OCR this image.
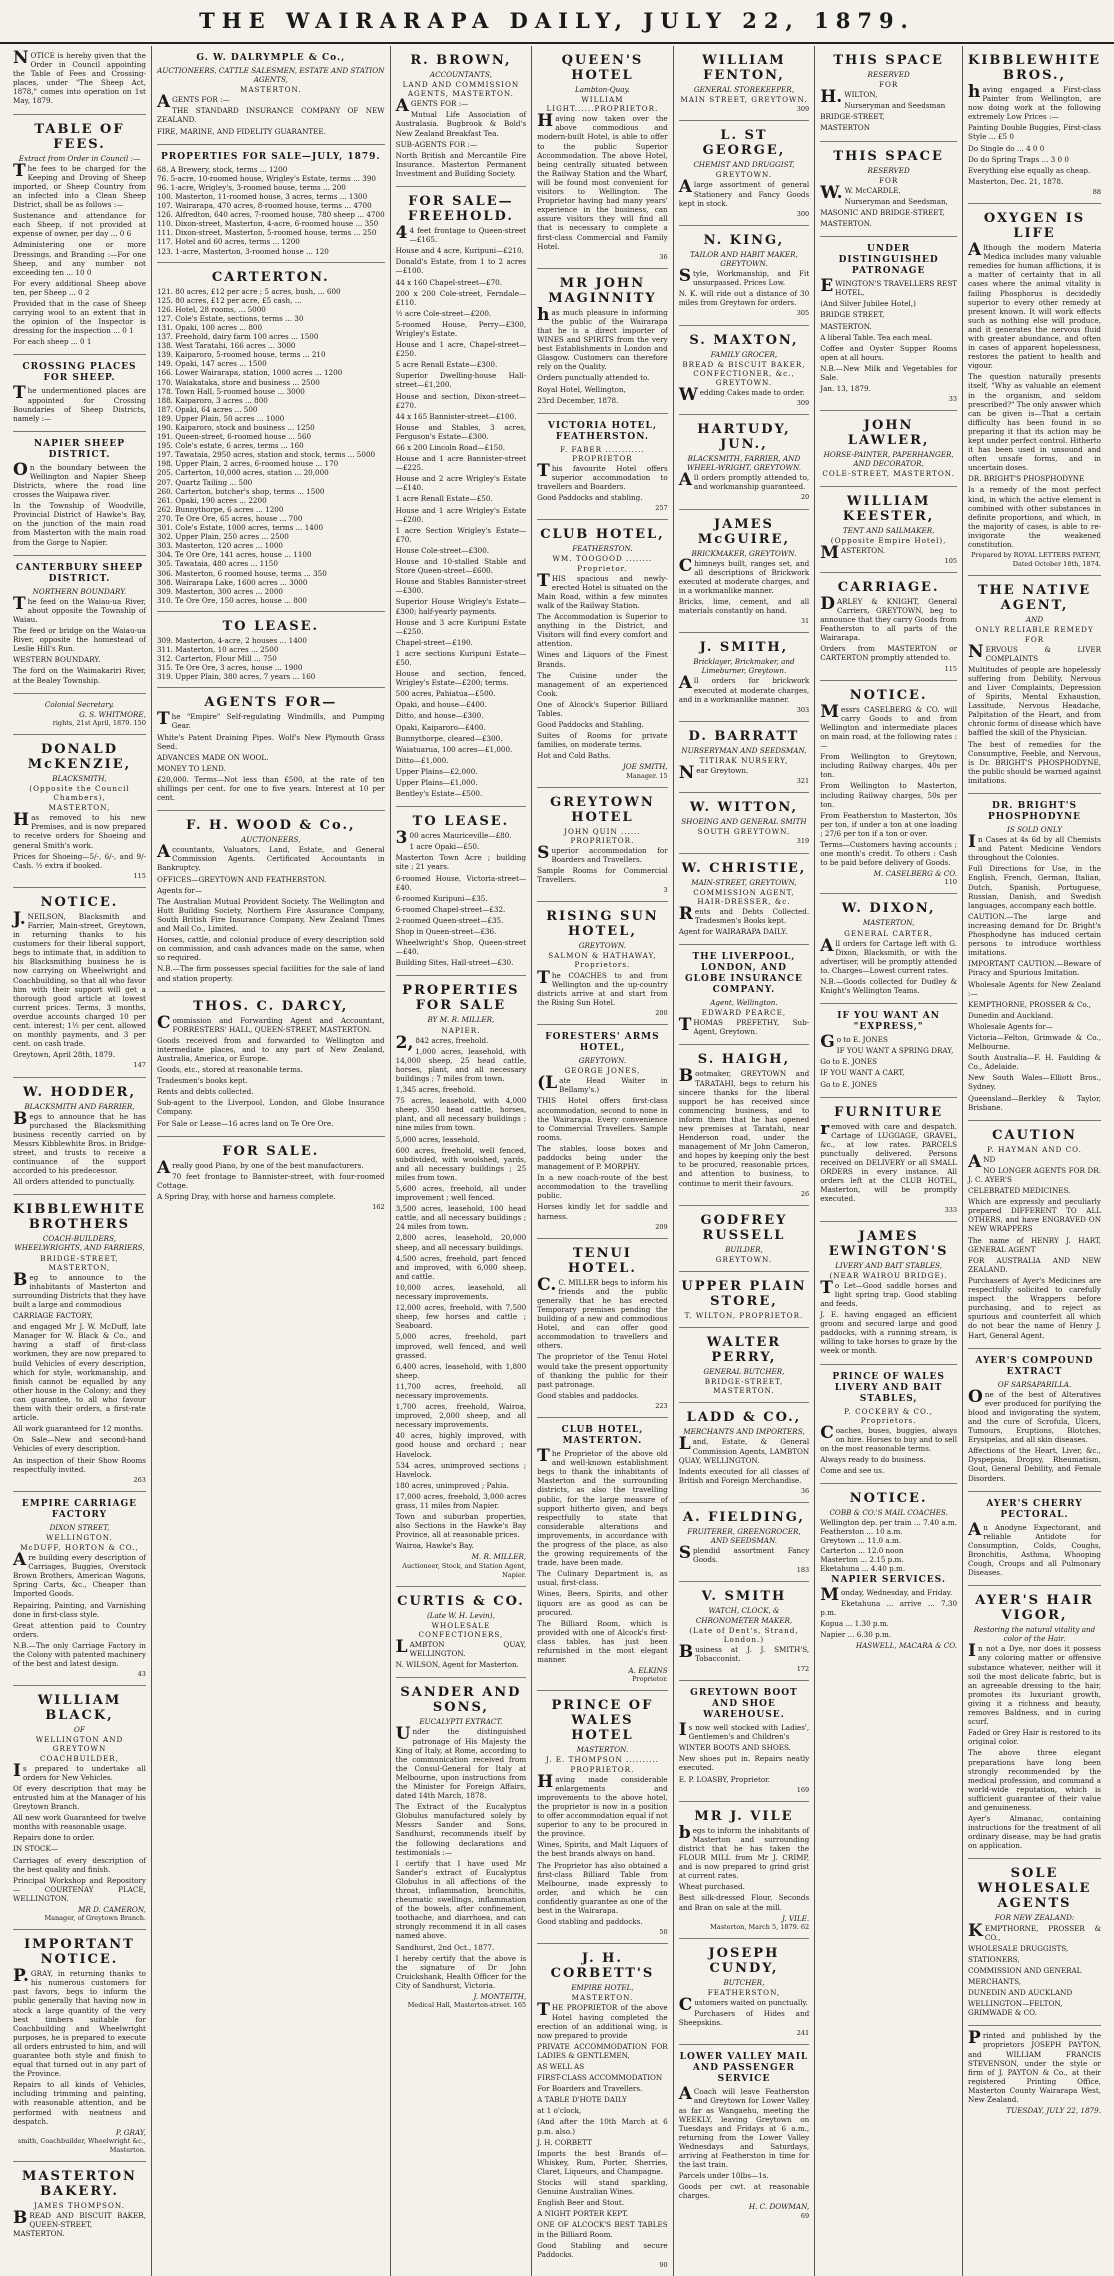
THE WAIRARAPA DAILY, JULY 22, 1879.

NOTICE is hereby given that the Order in Council appointing the Table of Fees and Crossing-places, under "The Sheep Act, 1878," comes into operation on 1st May, 1879.

TABLE OF FEES.
Extract from Order in Council :—

The fees to be charged for the Keeping and Droving of Sheep imported, or Sheep Country from an infected into a Clean Sheep District, shall be as follows :—

Sustenance and attendance for each Sheep, if not provided at expense of owner, per day ... 0 6

Administering one or more Dressings, and Branding :—For one Sheep, and any number not exceeding ten ... 10 0

For every additional Sheep above ten, per Sheep ... 0 2

Provided that in the case of Sheep carrying wool to an extent that in the opinion of the Inspector is dressing for the inspection ... 0 1

For each sheep ... 0 1

CROSSING PLACES FOR SHEEP.

The undermentioned places are appointed for Crossing Boundaries of Sheep Districts, namely :—

NAPIER SHEEP DISTRICT.

On the boundary between the Wellington and Napier Sheep Districts, where the road line crosses the Waipawa river.

In the Township of Woodville, Provincial District of Hawke's Bay, on the junction of the main road from Masterton with the main road from the Gorge to Napier.

CANTERBURY SHEEP DISTRICT.
NORTHERN BOUNDARY.

The feed on the Waiau-ua River, about opposite the Township of Waiau.

The feed or bridge on the Waiau-ua River, opposite the homestead of Leslie Hill's Run.

WESTERN BOUNDARY.

The ford on the Waimakariri River, at the Bealey Township.

Colonial Secretary.
G. S. WHITMORE,
rights, 21st April, 1879. 150
DONALD McKENZIE,
BLACKSMITH,
(Opposite the Council Chambers),
MASTERTON,

Has removed to his new Premises, and is now prepared to receive orders for Shoeing and general Smith's work.

Prices for Shoeing—5/-, 6/-, and 9/- Cash. ½ extra if booked.

115
NOTICE.

J.NEILSON, Blacksmith and Farrier, Main-street, Greytown, in returning thanks to his customers for their liberal support, begs to intimate that, in addition to his Blacksmithing business he is now carrying on Wheelwright and Coachbuilding, so that all who favor him with their support will get a thorough good article at lowest current prices. Terms, 3 months, overdue accounts charged 10 per cent. interest; 1½ per cent. allowed on monthly payments, and 3 per cent. on cash trade.

Greytown, April 28th, 1879.

147
W. HODDER,
BLACKSMITH AND FARRIER,

Begs to announce that he has purchased the Blacksmithing business recently carried on by Messrs Kibblewhite Bros. in Bridge-street, and trusts to receive a continuance of the support accorded to his predecessor.

All orders attended to punctually.

KIBBLEWHITE BROTHERS
COACH-BUILDERS, WHEELWRIGHTS, AND FARRIERS,
BRIDGE-STREET, MASTERTON,

Beg to announce to the inhabitants of Masterton and surrounding Districts that they have built a large and commodious

CARRIAGE FACTORY,

and engaged Mr J. W. McDuff, late Manager for W. Black & Co., and having a staff of first-class workmen, they are now prepared to build Vehicles of every description, which for style, workmanship, and finish cannot be equalled by any other house in the Colony; and they can guarantee, to all who favour them with their orders, a first-rate article.

All work guaranteed for 12 months.

On Sale—New and second-hand Vehicles of every description.

An inspection of their Show Rooms respectfully invited.

263
EMPIRE CARRIAGE FACTORY
DIXON STREET,
WELLINGTON.
McDUFF, HORTON & CO.,

Are building every description of Carriages, Buggies, Overstock Brown Brothers, American Wagons, Spring Carts, &c., Cheaper than Imported Goods.

Repairing, Painting, and Varnishing done in first-class style.

Great attention paid to Country orders.

N.B.—The only Carriage Factory in the Colony with patented machinery of the best and latest design.

43
WILLIAM BLACK,
OF
WELLINGTON AND GREYTOWN COACHBUILDER,

Is prepared to undertake all orders for New Vehicles.

Of every description that may be entrusted him at the Manager of his Greytown Branch.

All new work Guaranteed for twelve months with reasonable usage.

Repairs done to order.

IN STOCK—

Carriages of every description of the best quality and finish.

Principal Workshop and Repository— COURTENAY PLACE, WELLINGTON.

MR D. CAMERON,
Manager, of Greytown Branch.
IMPORTANT NOTICE.

P.GRAY, in returning thanks to his numerous customers for past favors, begs to inform the public generally that having now in stock a large quantity of the very best timbers suitable for Coachbuilding and Wheelwright purposes, he is prepared to execute all orders entrusted to him, and will guarantee both style and finish to equal that turned out in any part of the Province.

Repairs to all kinds of Vehicles, including trimming and painting, with reasonable attention, and be performed with neatness and despatch.

P. GRAY,
smith, Coachbuilder, Wheelwright &c., Masterton.
MASTERTON BAKERY.
JAMES THOMPSON.

BREAD AND BISCUIT BAKER, QUEEN-STREET, MASTERTON.

G. W. DALRYMPLE & Co.,
AUCTIONEERS, CATTLE SALESMEN, ESTATE AND STATION AGENTS,
MASTERTON.

AGENTS FOR :—

THE STANDARD INSURANCE COMPANY OF NEW ZEALAND.

FIRE, MARINE, AND FIDELITY GUARANTEE.

PROPERTIES FOR SALE—JULY, 1879.
68. A Brewery, stock, terms ... 1200
76. 5-acre, 10-roomed house, Wrigley's Estate, terms ... 390
96. 1-acre, Wrigley's, 3-roomed house, terms ... 200
100. Masterton, 11-roomed house, 3 acres, terms ... 1300
107. Wairarapa, 470 acres, 8-roomed house, terms ... 4700
126. Alfredton, 640 acres, 7-roomed house, 780 sheep ... 4700
110. Dixon-street, Masterton, 4-acre, 6-roomed house ... 350
111. Dixon-street, Masterton, 5-roomed house, terms ... 250
117. Hotel and 60 acres, terms ... 1200
123. 1-acre, Masterton, 3-roomed house ... 120
CARTERTON.
121. 80 acres, £12 per acre ; 5 acres, bush, ... 600
125. 80 acres, £12 per acre, £5 cash, ...
126. Hotel, 28 rooms, ... 5000
127. Cole's Estate, sections, terms ... 30
131. Opaki, 100 acres ... 800
137. Freehold, dairy farm 100 acres ... 1500
138. West Taratahi, 166 acres ... 3000
139. Kaiparoro, 5-roomed house, terms ... 210
149. Opaki, 147 acres ... 1500
166. Lower Wairarapa, station, 1000 acres ... 1200
170. Waiakataka, store and business ... 2500
178. Town Hall, 5-roomed house ... 3000
188. Kaiparoro, 3 acres ... 800
187. Opaki, 64 acres ... 500
189. Upper Plain, 50 acres ... 1000
190. Kaiparoro, stock and business ... 1250
191. Queen-street, 6-roomed house ... 560
195. Cole's estate, 6 acres, terms ... 160
197. Tawataia, 2950 acres, station and stock, terms ... 5000
198. Upper Plain, 2 acres, 6-roomed house ... 170
205. Carterton, 10,000 acres, station ... 20,000
207. Quartz Tailing ... 500
260. Carterton, butcher's shop, terms ... 1500
261. Opaki, 190 acres ... 2200
262. Bunnythorpe, 6 acres ... 1200
270. Te Ore Ore, 65 acres, house ... 700
301. Cole's Estate, 1000 acres, terms ... 1400
302. Upper Plain, 250 acres ... 2500
303. Masterton, 120 acres ... 1000
304. Te Ore Ore, 141 acres, house ... 1100
305. Tawataia, 480 acres ... 1150
306. Masterton, 6 roomed house, terms ... 350
308. Wairarapa Lake, 1600 acres ... 3000
309. Masterton, 300 acres ... 2000
310. Te Ore Ore, 150 acres, house ... 800
TO LEASE.
309. Masterton, 4-acre, 2 houses ... 1400
311. Masterton, 10 acres ... 2500
312. Carterton, Flour Mill ... 750
315. Te Ore Ore, 3 acres, house ... 1900
319. Upper Plain, 380 acres, 7 years ... 160
AGENTS FOR—

The "Empire" Self-regulating Windmills, and Pumping Gear.

White's Patent Draining Pipes. Wolf's New Plymouth Grass Seed.

ADVANCES MADE ON WOOL.

MONEY TO LEND.

£20,000. Terms—Not less than £500, at the rate of ten shillings per cent. for one to five years. Interest at 10 per cent.

F. H. WOOD & Co.,
AUCTIONEERS,

Accountants, Valuators, Land, Estate, and General Commission Agents. Certificated Accountants in Bankruptcy.

OFFICES—GREYTOWN AND FEATHERSTON.

Agents for—

The Australian Mutual Provident Society. The Wellington and Hutt Building Society, Northern Fire Assurance Company, South British Fire Insurance Company, New Zealand Times and Mail Co., Limited.

Horses, cattle, and colonial produce of every description sold on commission, and cash advances made on the same, when so required.

N.B.—The firm possesses special facilities for the sale of land and station property.

THOS. C. DARCY,

Commission and Forwarding Agent and Accountant, FORRESTERS' HALL, QUEEN-STREET, MASTERTON.

Goods received from and forwarded to Wellington and intermediate places, and to any part of New Zealand, Australia, America, or Europe.

Goods, etc., stored at reasonable terms.

Tradesmen's books kept.

Rents and debts collected.

Sub-agent to the Liverpool, London, and Globe Insurance Company.

For Sale or Lease—16 acres land on Te Ore Ore.

FOR SALE.

Areally good Piano, by one of the best manufacturers.

70 feet frontage to Bannister-street, with four-roomed Cottage.

A Spring Dray, with horse and harness complete.

162
R. BROWN,
ACCOUNTANTS,
LAND AND COMMISSION AGENTS, MASTERTON.

AGENTS FOR :—

Mutual Life Association of Australasia. Bugbrook & Bold's New Zealand Breakfast Tea.

SUB-AGENTS FOR :—

North British and Mercantile Fire Insurance. Masterton Permanent Investment and Building Society.

FOR SALE—FREEHOLD.

44 feet frontage to Queen-street—£165.

House and 4 acre, Kuripuni—£210.

Donald's Estate, from 1 to 2 acres—£100.

44 x 160 Chapel-street—£70.

200 x 200 Cole-street, Ferndale—£110.

½ acre Cole-street—£200.

5-roomed House, Perry—£300, Wrigley's Estate.

House and 1 acre, Chapel-street—£250.

5 acre Renall Estate—£300.

Superior Dwelling-house Hall-street—£1,200.

House and section, Dixon-street—£270.

44 x 165 Bannister-street—£100.

House and Stables, 3 acres, Ferguson's Estate—£300.

66 x 200 Lincoln Road—£150.

House and 1 acre Bannister-street—£225.

House and 2 acre Wrigley's Estate—£140.

1 acre Renall Estate—£50.

House and 1 acre Wrigley's Estate—£200.

1 acre Section Wrigley's Estate—£70.

House Cole-street—£300.

House and 10-stalled Stable and Store Queen-street—£600.

House and Stables Bannister-street—£300.

Superior House Wrigley's Estate—£300; half-yearly payments.

House and 3 acre Kuripuni Estate—£250.

Chapel-street—£190.

1 acre sections Kuripuni Estate—£50.

House and section, fenced, Wrigley's Estate—£200; terms.

500 acres, Pahiatua—£500.

Opaki, and house—£400.

Ditto, and house—£300.

Opaki, Kaiparoro—£400.

Bunnythorpe, cleared—£300.

Waiatuarua, 100 acres—£1,000.

Ditto—£1,000.

Upper Plains—£2,000.

Upper Plains—£1,000.

Bentley's Estate—£500.

TO LEASE.

300 acres Mauriceville—£80.

1 acre Opaki—£50.

Masterton Town Acre ; building site ; 21 years.

6-roomed House, Victoria-street—£40.

6-roomed Kuripuni—£35.

6-roomed Chapel-street—£32.

2-roomed Queen-street—£35.

Shop in Queen-street—£36.

Wheelwright's Shop, Queen-street—£40.

Building Sites, Hall-street—£30.

PROPERTIES FOR SALE
BY M. R. MILLER,
NAPIER.

2,842 acres, freehold.

1,000 acres, leasehold, with 14,000 sheep, 25 head cattle, horses, plant, and all necessary buildings ; 7 miles from town.

1,345 acres, freehold.

75 acres, leasehold, with 4,000 sheep, 350 head cattle, horses, plant, and all necessary buildings ; nine miles from town.

5,000 acres, leasehold.

600 acres, freehold, well fenced, subdivided, with woolshed, yards, and all necessary buildings ; 25 miles from town.

5,600 acres, freehold, all under improvement ; well fenced.

3,500 acres, leasehold, 100 head cattle, and all necessary buildings ; 24 miles from town.

2,800 acres, leasehold, 20,000 sheep, and all necessary buildings.

4,500 acres, freehold, part fenced and improved, with 6,000 sheep, and cattle.

10,000 acres, leasehold, all necessary improvements.

12,000 acres, freehold, with 7,500 sheep, few horses and cattle ; Seaboard.

5,000 acres, freehold, part improved, well fenced, and well grassed.

6,400 acres, leasehold, with 1,800 sheep.

11,700 acres, freehold, all necessary improvements.

1,700 acres, freehold, Wairoa, improved, 2,000 sheep, and all necessary improvements.

40 acres, highly improved, with good house and orchard ; near Havelock.

534 acres, unimproved sections ; Havelock.

180 acres, unimproved ; Pahia.

17,000 acres, freehold, 3,000 acres grass, 11 miles from Napier.

Town and suburban properties, also Sections in the Hawke's Bay Province, all at reasonable prices.

Wairoa, Hawke's Bay.

M. R. MILLER,
Auctioneer, Stock, and Station Agent, Napier.
CURTIS & CO.
(Late W. H. Levin),
WHOLESALE CONFECTIONERS,

LAMBTON QUAY, WELLINGTON.

N. WILSON, Agent for Masterton.

SANDER AND SONS,
EUCALYPTI EXTRACT.

Under the distinguished patronage of His Majesty the King of Italy, at Rome, according to the communication received from the Consul-General for Italy at Melbourne, upon instructions from the Minister for Foreign Affairs, dated 14th March, 1878.

The Extract of the Eucalyptus Globulus manufactured solely by Messrs Sander and Sons, Sandhurst, recommends itself by the following declarations and testimonials :—

I certify that I have used Mr Sander's extract of Eucalyptus Globulus in all affections of the throat, inflammation, bronchitis, rheumatic swellings, inflammation of the bowels, after confinement, toothache, and diarrhoea, and can strongly recommend it in all cases named above.

Sandhurst, 2nd Oct., 1877.

I hereby certify that the above is the signature of Dr John Cruickshank, Health Officer for the City of Sandhurst, Victoria.

J. MONTEITH,
Medical Hall, Masterton-street. 165
QUEEN'S HOTEL
Lambton-Quay.
WILLIAM LIGHT......PROPRIETOR.

Having now taken over the above commodious and modern-built Hotel, is able to offer to the public Superior Accommodation. The above Hotel, being centrally situated between the Railway Station and the Wharf, will be found most convenient for visitors to Wellington. The Proprietor having had many years' experience in the business, can assure visitors they will find all that is necessary to complete a first-class Commercial and Family Hotel.

36
MR JOHN MAGINNITY

has much pleasure in informing the public of the Wairarapa that he is a direct importer of WINES and SPIRITS from the very best Establishments in London and Glasgow. Customers can therefore rely on the Quality.

Orders punctually attended to.

Royal Hotel, Wellington,

23rd December, 1878.

VICTORIA HOTEL, FEATHERSTON.
F. FABER ............ PROPRIETOR

This favourite Hotel offers superior accommodation to travellers and Boarders.

Good Paddocks and stabling.

257
CLUB HOTEL,
FEATHERSTON.
WM. TOOGOOD ........ Proprietor.

THIS spacious and newly-erected Hotel is situated on the Main Road, within a few minutes walk of the Railway Station.

The Accommodation is Superior to anything in the District, and Visitors will find every comfort and attention.

Wines and Liquors of the Finest Brands.

The Cuisine under the management of an experienced Cook.

One of Alcock's Superior Billiard Tables.

Good Paddocks and Stabling.

Suites of Rooms for private families, on moderate terms.

Hot and Cold Baths.

JOE SMITH,
Manager. 15
GREYTOWN HOTEL
JOHN QUIN ...... PROPRIETOR.

Superior accommodation for Boarders and Travellers.

Sample Rooms for Commercial Travellers.

3
RISING SUN HOTEL,
GREYTOWN.
SALMON & HATHAWAY, Proprietors.

The COACHES to and from Wellington and the up-country districts arrive at and start from the Rising Sun Hotel.

200
FORESTERS' ARMS HOTEL,
GREYTOWN.
GEORGE JONES,

(Late Head Waiter in Bellamy's.)

THIS Hotel offers first-class accommodation, second to none in the Wairarapa. Every convenience to Commercial Travellers. Sample rooms.

The stables, loose boxes and paddocks being under the management of P. MORPHY.

In a new coach-route of the best accommodation to the travelling public.

Horses kindly let for saddle and harness.

209
TENUI HOTEL.

C.C. MILLER begs to inform his friends and the public generally that he has erected Temporary premises pending the building of a new and commodious Hotel, and can offer good accommodation to travellers and others.

The proprietor of the Tenui Hotel would take the present opportunity of thanking the public for their past patronage.

Good stables and paddocks.

223
CLUB HOTEL, MASTERTON.

The Proprietor of the above old and well-known establishment begs to thank the inhabitants of Masterton and the surrounding districts, as also the travelling public, for the large measure of support hitherto given, and begs respectfully to state that considerable alterations and improvements, in accordance with the progress of the place, as also the growing requirements of the trade, have been made.

The Culinary Department is, as usual, first-class.

Wines, Beers, Spirits, and other liquors are as good as can be procured.

The Billiard Room, which is provided with one of Alcock's first-class tables, has just been refurnished in the most elegant manner.

A. ELKINS
Proprietor.
PRINCE OF WALES HOTEL
MASTERTON.
J. E. THOMPSON .......... PROPRIETOR.

Having made considerable enlargements and improvements to the above hotel, the proprietor is now in a position to offer accommodation equal if not superior to any to be procured in the province.

Wines, Spirits, and Malt Liquors of the best brands always on hand.

The Proprietor has also obtained a first-class Billiard Table from Melbourne, made expressly to order, and which he can confidently guarantee as one of the best in the Wairarapa.

Good stabling and paddocks.

50
J. H. CORBETT'S
EMPIRE HOTEL,
MASTERTON.

THE PROPRIETOR of the above Hotel having completed the erection of an additional wing, is now prepared to provide

PRIVATE ACCOMMODATION FOR LADIES & GENTLEMEN,

AS WELL AS

FIRST-CLASS ACCOMMODATION

For Boarders and Travellers.

A TABLE D'HOTE DAILY

at 1 o'clock,

(And after the 10th March at 6 p.m. also.)

J. H. CORBETT

Imports the best Brands of— Whiskey, Rum, Porter, Sherries, Claret, Liqueurs, and Champagne.

Stocks will stand sparkling, Genuine Australian Wines.

English Beer and Stout.

A NIGHT PORTER KEPT.

ONE OF ALCOCK'S BEST TABLES in the Billiard Room.

Good Stabling and secure Paddocks.

90
WILLIAM FENTON,
GENERAL STOREKEEPER,
MAIN STREET, GREYTOWN.
309
L. ST GEORGE,
CHEMIST AND DRUGGIST,
GREYTOWN.

Alarge assortment of general Stationery and Fancy Goods kept in stock.

300
N. KING,
TAILOR AND HABIT MAKER, GREYTOWN.

Style, Workmanship, and Fit unsurpassed. Prices Low.

N. K. will ride out a distance of 30 miles from Greytown for orders.

305
S. MAXTON,
FAMILY GROCER,
BREAD & BISCUIT BAKER, CONFECTIONER, &c., GREYTOWN.

Wedding Cakes made to order.

309
HARTUDY, JUN.,
BLACKSMITH, FARRIER, AND WHEEL-WRIGHT, GREYTOWN.

All orders promptly attended to, and workmanship guaranteed.

20
JAMES McGUIRE,
BRICKMAKER, GREYTOWN.

Chimneys built, ranges set, and all descriptions of Brickwork executed at moderate charges, and in a workmanlike manner.

Bricks, lime, cement, and all materials constantly on hand.

31
J. SMITH,
Bricklayer, Brickmaker, and Limeburner, Greytown.

All orders for brickwork executed at moderate charges, and in a workmanlike manner.

303
D. BARRATT
NURSERYMAN AND SEEDSMAN,
TITIRAK NURSERY,

Near Greytown.

321
W. WITTON,
SHOEING AND GENERAL SMITH
SOUTH GREYTOWN.
319
W. CHRISTIE,
MAIN-STREET, GREYTOWN,
COMMISSION AGENT, HAIR-DRESSER, &c.

Rents and Debts Collected. Tradesmen's Books kept.

Agent for WAIRARAPA DAILY.

THE LIVERPOOL, LONDON, AND GLOBE INSURANCE COMPANY.
Agent, Wellington.
EDWARD PEARCE,

THOMAS PREFETHY, Sub-Agent, Greytown.

S. HAIGH,

Bootmaker, GREYTOWN and TARATAHI, begs to return his sincere thanks for the liberal support he has received since commencing business, and to inform them that he has opened new premises at Taratahi, near Henderson road, under the management of Mr John Cameron, and hopes by keeping only the best to be procured, reasonable prices, and attention to business, to continue to merit their favours.

26
GODFREY RUSSELL
BUILDER,
GREYTOWN.
UPPER PLAIN STORE,
T. WILTON, PROPRIETOR.
WALTER PERRY,
GENERAL BUTCHER,
BRIDGE-STREET, MASTERTON.
LADD & CO.,
MERCHANTS AND IMPORTERS,

Land, Estate, & General Commission Agents, LAMBTON QUAY, WELLINGTON.

Indents executed for all classes of British and Foreign Merchandise.

36
A. FIELDING,
FRUITERER, GREENGROCER, AND SEEDSMAN.

Splendid assortment Fancy Goods.

183
V. SMITH
WATCH, CLOCK, & CHRONOMETER MAKER,
(Late of Dent's, Strand, London.)

Business at J. J. SMITH'S, Tobacconist.

172
GREYTOWN BOOT AND SHOE WAREHOUSE.

Is now well stocked with Ladies', Gentlemen's and Children's

WINTER BOOTS AND SHOES.

New shoes put in. Repairs neatly executed.

E. P. LOASBY, Proprietor.

169
MR J. VILE

begs to inform the inhabitants of Masterton and surrounding district that he has taken the FLOUR MILL from Mr J. CRIMP, and is now prepared to grind grist at current rates.

Wheat purchased.

Best silk-dressed Flour, Seconds and Bran on sale at the mill.

J. VILE.
Masterton, March 5, 1879. 62
JOSEPH CUNDY,
BUTCHER,
FEATHERSTON,

Customers waited on punctually.

Purchasers of Hides and Sheepskins.

241
LOWER VALLEY MAIL AND PASSENGER SERVICE

ACoach will leave Featherston and Greytown for Lower Valley as far as Wangaehu, meeting the WEEKLY, leaving Greytown on Tuesdays and Fridays at 6 a.m., returning from the Lower Valley Wednesdays and Saturdays, arriving at Featherston in time for the last train.

Parcels under 10lbs—1s.

Goods per cwt. at reasonable charges.

H. C. DOWMAN,
69
THIS SPACE
RESERVED
FOR

H.WILTON,

Nurseryman and Seedsman

BRIDGE-STREET,

MASTERTON

THIS SPACE
RESERVED
FOR

W.W. McCARDLE,

Nurseryman and Seedsman,

MASONIC AND BRIDGE-STREET,

MASTERTON.

UNDER DISTINGUISHED PATRONAGE

EWINGTON'S TRAVELLERS REST HOTEL,

(And Silver Jubilee Hotel,)

BRIDGE STREET,

MASTERTON.

A liberal Table. Tea each meal.

Coffee and Oyster Supper Rooms open at all hours.

N.B.—New Milk and Vegetables for Sale.

Jan. 13, 1879.

33
JOHN LAWLER,
HORSE-PAINTER, PAPERHANGER, AND DECORATOR,
COLE-STREET, MASTERTON.
WILLIAM KEESTER,
TENT AND SAILMAKER,
(Opposite Empire Hotel),

MASTERTON.

105
CARRIAGE.

DARLEY & KNIGHT, General Carriers, GREYTOWN, beg to announce that they carry Goods from Featherston to all parts of the Wairarapa.

Orders from MASTERTON or CARTERTON promptly attended to.

115
NOTICE.

Messrs CASELBERG & CO. will carry Goods to and from Wellington and intermediate places on main road, at the following rates :—

From Wellington to Greytown, including Railway charges, 40s per ton.

From Wellington to Masterton, including Railway charges, 50s per ton.

From Featherston to Masterton, 30s per ton, if under a ton at one loading ; 27/6 per ton if a ton or over.

Terms—Customers having accounts ; one month's credit. To others : Cash to be paid before delivery of Goods.

M. CASELBERG & CO.
110
W. DIXON,
MASTERTON,
GENERAL CARTER,

All orders for Cartage left with G. Dixon, Blacksmith, or with the advertiser, will be promptly attended to. Charges—Lowest current rates.

N.B.—Goods collected for Dudley & Knight's Wellington Teams.

IF YOU WANT AN "EXPRESS,"

Go to E. JONES

IF YOU WANT A SPRING DRAY,

Go to E. JONES

IF YOU WANT A CART,

Go to E. JONES

FURNITURE

removed with care and despatch. Cartage of LUGGAGE, GRAVEL, &c., at low rates. PARCELS punctually delivered. Persons received on DELIVERY or all SMALL ORDERS in every instance. All orders left at the CLUB HOTEL, Masterton, will be promptly executed.

333
JAMES EWINGTON'S
LIVERY AND BAIT STABLES,
(NEAR WAIROU BRIDGE).

To Let—Good saddle horses and light spring trap. Good stabling and feeds.

J. E. having engaged an efficient groom and secured large and good paddocks, with a running stream, is willing to take horses to graze by the week or month.

PRINCE OF WALES LIVERY AND BAIT STABLES,
P. COCKERY & CO., Proprietors.

Coaches, buses, buggies, always on hire. Horses to buy and to sell on the most reasonable terms.

Always ready to do business.

Come and see us.

NOTICE.
COBB & CO.'S MAIL COACHES.
Wellington dep. per train ... 7.40 a.m.
Featherston ... 10 a.m.
Greytown ... 11.0 a.m.
Carterton ... 12.0 noon
Masterton ... 2.15 p.m.
Eketahuna ... 4.40 p.m.
NAPIER SERVICES.

Monday, Wednesday, and Friday.

Eketahuna ... arrive ... 7.30 p.m.

Kopua ... 1.30 p.m.

Napier ... 6.30 p.m.

HASWELL, MACARA & CO.
KIBBLEWHITE BROS.,

having engaged a First-class Painter from Wellington, are now doing work at the following extremely Low Prices :—

Painting Double Buggies, First-class Style ... £5 0

Do Single do ... 4 0 0

Do do Spring Traps ... 3 0 0

Everything else equally as cheap.

Masterton, Dec. 21, 1878.

88
OXYGEN IS LIFE

Although the modern Materia Medica includes many valuable remedies for human afflictions, it is a matter of certainty that in all cases where the animal vitality is failing Phosphorus is decidedly superior to every other remedy at present known. It will work effects such as nothing else will produce, and it generates the nervous fluid with greater abundance, and often in cases of apparent hopelessness, restores the patient to health and vigour.

The question naturally presents itself, "Why as valuable an element in the organism, and seldom prescribed?" The only answer which can be given is—That a certain difficulty has been found in so preparing it that its action may be kept under perfect control. Hitherto it has been used in unsound and often unsafe forms, and in uncertain doses.

DR. BRIGHT'S PHOSPHODYNE

Is a remedy of the most perfect kind, in which the active element is combined with other substances in definite proportions, and which, in the majority of cases, is able to re-invigorate the weakened constitution.

Prepared by ROYAL LETTERS PATENT, Dated October 18th, 1874.
THE NATIVE AGENT,
AND
ONLY RELIABLE REMEDY FOR

NERVOUS & LIVER COMPLAINTS

Multitudes of people are hopelessly suffering from Debility, Nervous and Liver Complaints, Depression of Spirits, Mental Exhaustion, Lassitude, Nervous Headache, Palpitation of the Heart, and from chronic forms of disease which have baffled the skill of the Physician.

The best of remedies for the Consumptive, Feeble, and Nervous, is Dr. BRIGHT'S PHOSPHODYNE, the public should be warned against imitations.

DR. BRIGHT'S PHOSPHODYNE
IS SOLD ONLY

In Cases at 4s 6d by all Chemists and Patent Medicine Vendors throughout the Colonies.

Full Directions for Use, in the English, French, German, Italian, Dutch, Spanish, Portuguese, Russian, Danish, and Swedish languages, accompany each bottle.

CAUTION.—The large and increasing demand for Dr. Bright's Phosphodyne has induced certain persons to introduce worthless imitations.

IMPORTANT CAUTION.—Beware of Piracy and Spurious Imitation.

Wholesale Agents for New Zealand :—

KEMPTHORNE, PROSSER & Co.,

Dunedin and Auckland.

Wholesale Agents for—

Victoria—Felton, Grimwade & Co., Melbourne.

South Australia—F. H. Faulding & Co., Adelaide.

New South Wales—Elliott Bros., Sydney.

Queensland—Berkley & Taylor, Brisbane.

CAUTION
P. HAYMAN AND CO.

AND

NO LONGER AGENTS FOR DR. J. C. AYER'S

CELEBRATED MEDICINES.

Which are expressly and peculiarly prepared DIFFERENT TO ALL OTHERS, and have ENGRAVED ON NEW WRAPPERS

The name of HENRY J. HART, GENERAL AGENT

FOR AUSTRALIA AND NEW ZEALAND.

Purchasers of Ayer's Medicines are respectfully solicited to carefully inspect the Wrappers before purchasing, and to reject as spurious and counterfeit all which do not bear the name of Henry J. Hart, General Agent.

AYER'S COMPOUND EXTRACT
OF SARSAPARILLA.

One of the best of Alteratives ever produced for purifying the blood and invigorating the system, and the cure of Scrofula, Ulcers, Tumours, Eruptions, Blotches, Erysipelas, and all skin diseases.

Affections of the Heart, Liver, &c., Dyspepsia, Dropsy, Rheumatism, Gout, General Debility, and Female Disorders.

AYER'S CHERRY PECTORAL.

An Anodyne Expectorant, and reliable Antidote for Consumption, Colds, Coughs, Bronchitis, Asthma, Whooping Cough, Croups and all Pulmonary Diseases.

AYER'S HAIR VIGOR,
Restoring the natural vitality and color of the Hair.

In not a Dye, nor does it possess any coloring matter or offensive substance whatever, neither will it soil the most delicate fabric, but is an agreeable dressing to the hair, promotes its luxuriant growth, giving it a richness and beauty, removes Baldness, and in curing scurf.

Faded or Grey Hair is restored to its original color.

The above three elegant preparations have long been strongly recommended by the medical profession, and command a world-wide reputation, which is sufficient guarantee of their value and genuineness.

Ayer's Almanac, containing instructions for the treatment of all ordinary disease, may be had gratis on application.

SOLE WHOLESALE AGENTS
FOR NEW ZEALAND:

KEMPTHORNE, PROSSER & CO.,

WHOLESALE DRUGGISTS,

STATIONERS,

COMMISSION AND GENERAL

MERCHANTS,

DUNEDIN AND AUCKLAND

WELLINGTON—FELTON, GRIMWADE & CO.

Printed and published by the proprietors JOSEPH PAYTON, and WILLIAM FRANCIS STEVENSON, under the style or firm of J. PAYTON & Co., at their registered Printing Office, Masterton County Wairarapa West, New Zealand.

TUESDAY, JULY 22, 1879.
